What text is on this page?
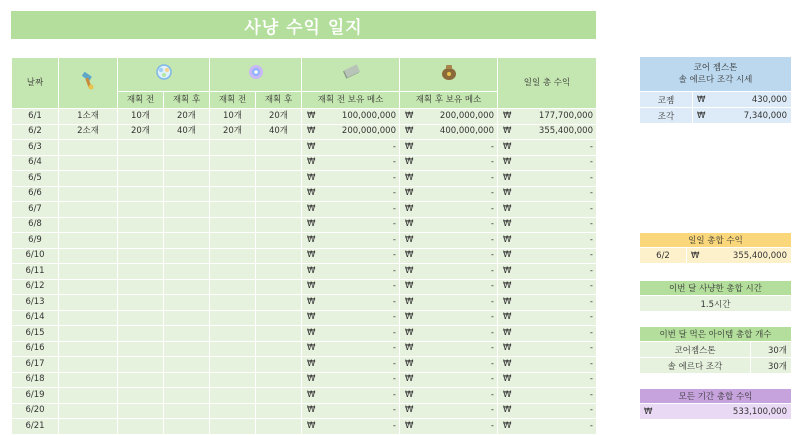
사냥 수익 일지
날짜								일일 총 수익
		재획 전	재획 후	재획 전	재획 후	재획 전 보유 메소	재획 후 보유 메소	
6/1	1소재	10개	20개	10개	20개	₩ 100,000,000	₩ 200,000,000	₩ 177,700,000

6/2	2소재	20개	40개	20개	40개	₩ 200,000,000	₩ 400,000,000	₩ 355,400,000

6/3						₩ -	₩ -	₩ -

6/4						₩ -	₩ -	₩ -

6/5						₩ -	₩ -	₩ -

6/6						₩ -	₩ -	₩ -

6/7						₩ -	₩ -	₩ -

6/8						₩ -	₩ -	₩ -

6/9						₩ -	₩ -	₩ -

6/10						₩ -	₩ -	₩ -

6/11						₩ -	₩ -	₩ -

6/12						₩ -	₩ -	₩ -

6/13						₩ -	₩ -	₩ -

6/14						₩ -	₩ -	₩ -

6/15						₩ -	₩ -	₩ -

6/16						₩ -	₩ -	₩ -

6/17						₩ -	₩ -	₩ -

6/18						₩ -	₩ -	₩ -

6/19						₩ -	₩ -	₩ -

6/20						₩ -	₩ -	₩ -

6/21						₩ -	₩ -	₩ -
코어 젬스톤
솔 에르다 조각 시세
코젬	₩	430,000
조각	₩	7,340,000
일일 총합 수익
6/2	₩	355,400,000
이번 달 사냥한 총합 시간
1.5시간
이번 달 먹은 아이템 총합 개수
코어젬스톤	30개
솔 에르다 조각	30개
모든 기간 총합 수익
₩	533,100,000
